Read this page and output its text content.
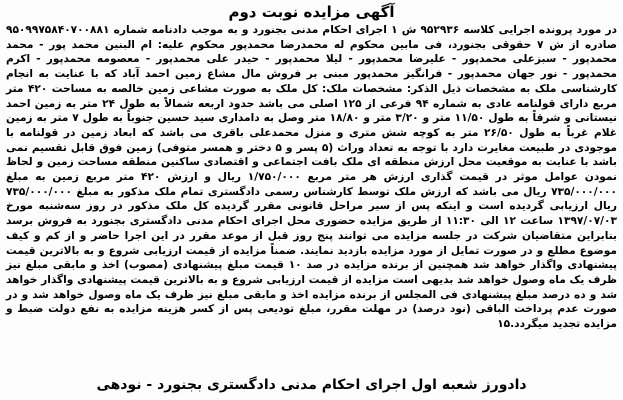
آگهی مزایده نوبت دوم

در مورد پرونده اجرایی کلاسه ۹۵۲۹۳۶ ش ۱ اجرای احکام مدنی بجنورد و به موجب دادنامه شماره ۹۵۰۹۹۷۵۸۴۰۷۰۰۸۸۱ صادره از ش ۷ حقوقی بجنورد، فی مابین محکوم له محمدرضا محمدپور محکوم علیه: ام البنین محمد پور - محمد محمدپور - سبزعلی محمدپور - علیرضا محمدپور - لیلا محمدپور - حیدر علی محمدپور - معصومه محمدپور - اکرم محمدپور - نور جهان محمدپور - فرانگیز محمدپور مبنی بر فروش مال مشاع زمین احمد آباد که با عنایت به انجام کارشناسی ملک به مشخصات ذیل الذکر: مشخصات ملک: کل ملک به صورت مشاعی زمین خالصه به مساحت ۴۲۰ متر مربع دارای قولنامه عادی به شماره ۹۴ فرعی از ۱۲۵ اصلی می باشد حدود اربعه شمالاً به طول ۲۴ متر به زمین احمد نیستانی و شرقاً به طول ۱۱/۵۰ متر و ۳/۲۰ متر و ۱۸/۸۰ متر وصل به دامداری سید حسین جنوباً به طول ۷ متر به زمین غلام غرباً به طول ۲۶/۵۰ متر به کوچه شش متری و منزل محمدعلی باقری می باشد که ابعاد زمین در قولنامه با موجودی در طبیعت مغایرت دارد با توجه به تعداد وراث (۵ پسر و ۵ دختر و همسر متوفی) زمین فوق قابل تقسیم نمی باشد با عنایت به موقعیت محل ارزش منطقه ای ملک بافت اجتماعی و اقتصادی ساکنین منطقه مساحت زمین و لحاظ نمودن عوامل موثر در قیمت گذاری ارزش هر متر مربع ۱/۷۵۰/۰۰۰ ریال و ارزش ۴۲۰ متر مربع زمین به مبلغ ۷۳۵/۰۰۰/۰۰۰ ریال می باشد که ارزش ملک توسط کارشناس رسمی دادگستری تمام ملک مذکور به مبلغ ۷۳۵/۰۰۰/۰۰۰ ریال ارزیابی گردیده است و اینکه پس از سیر مراحل قانونی مقرر گردیده کل ملک مذکور در روز سه‌شنبه مورخ ۱۳۹۷/۰۷/۰۳ ساعت ۱۲ الی ۱۱:۳۰ از طریق مزایده حضوری محل اجرای احکام مدنی دادگستری بجنورد به فروش برسد بنابراین متقاضیان شرکت در جلسه مزایده می توانند پنج روز قبل از موعد مقرر در این اجرا حاضر و از کم و کیف موضوع مطلع و در صورت تمایل از مورد مزایده بازدید نمایند. ضمناً مزایده از قیمت ارزیابی شروع و به بالاترین قیمت پیشنهادی واگذار خواهد شد همچنین از برنده مزایده در صد ۱۰ قیمت مبلغ پیشنهادی (مصوب) اخذ و مابقی مبلغ نیز ظرف یک ماه وصول خواهد شد بدیهی است مزایده از قیمت ارزیابی شروع و به بالاترین قیمت پیشنهادی واگذار خواهد شد و ده درصد مبلغ پیشنهادی فی المجلس از برنده مزایده اخذ و مابقی مبلغ نیز ظرف یک ماه وصول خواهد شد و در صورت عدم پرداخت الباقی (نود درصد) در مهلت مقرر، مبلغ تودیعی پس از کسر هزینه مزایده به نفع دولت ضبط و مزایده تجدید میگردد.۱۵

دادورز شعبه اول اجرای احکام مدنی دادگستری بجنورد - نودهی
